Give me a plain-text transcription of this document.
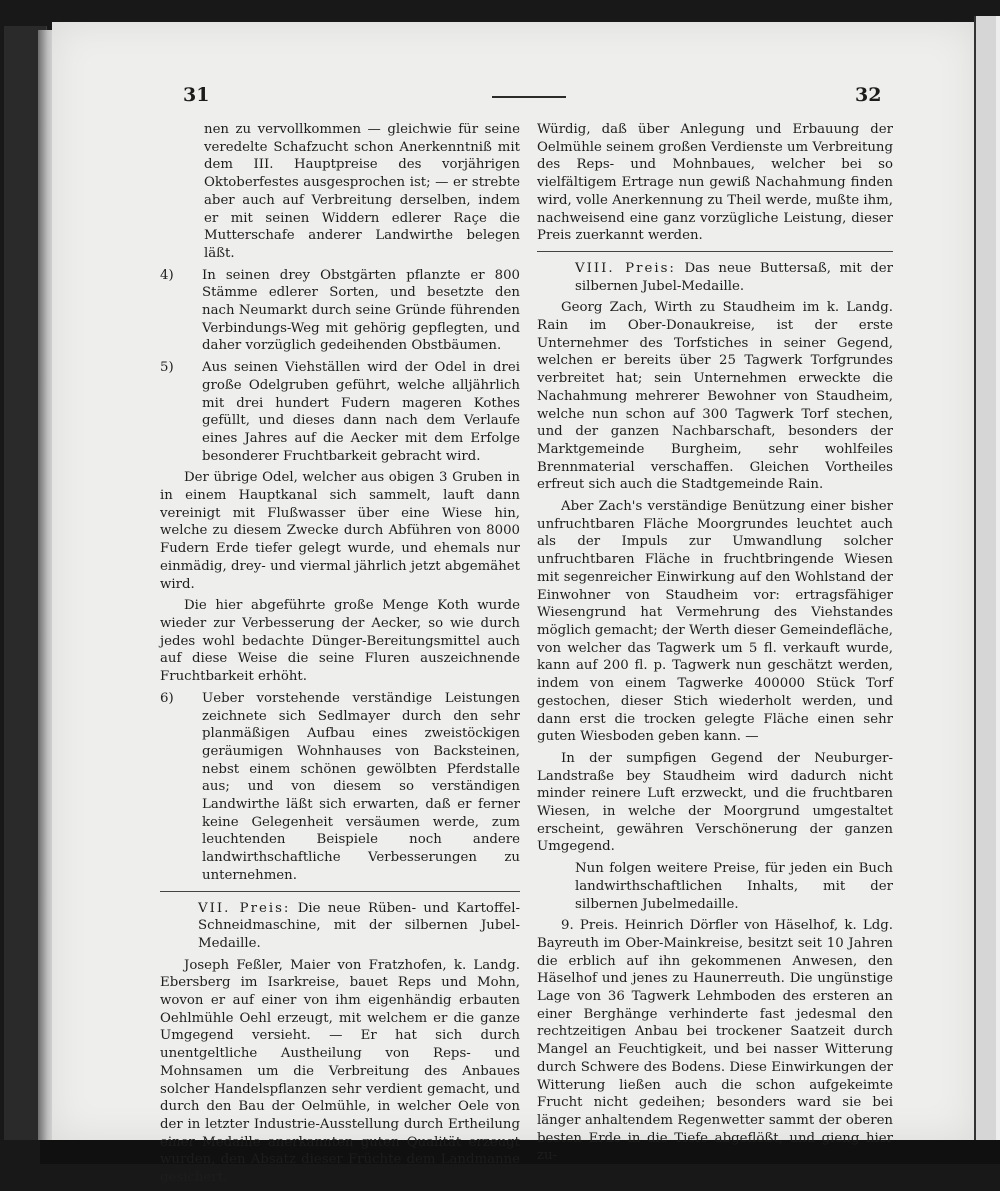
31	32

nen zu vervollkommen — gleichwie für seine veredelte Schafzucht schon Anerkenntniß mit dem III. Hauptpreise des vorjährigen Oktoberfestes ausgesprochen ist; — er strebte aber auch auf Verbreitung derselben, indem er mit seinen Widdern edlerer Raçe die Mutterschafe anderer Landwirthe belegen läßt.

4)	In seinen drey Obstgärten pflanzte er 800 Stämme edlerer Sorten, und besetzte den nach Neumarkt durch seine Gründe führenden Verbindungs-Weg mit gehörig gepflegten, und daher vorzüglich gedeihenden Obstbäumen.
5)	Aus seinen Viehställen wird der Odel in drei große Odelgruben geführt, welche alljährlich mit drei hundert Fudern mageren Kothes gefüllt, und dieses dann nach dem Verlaufe eines Jahres auf die Aecker mit dem Erfolge besonderer Fruchtbarkeit gebracht wird.

Der übrige Odel, welcher aus obigen 3 Gruben in in einem Hauptkanal sich sammelt, lauft dann vereinigt mit Flußwasser über eine Wiese hin, welche zu diesem Zwecke durch Abführen von 8000 Fudern Erde tiefer gelegt wurde, und ehemals nur einmädig, drey- und viermal jährlich jetzt abgemähet wird.

Die hier abgeführte große Menge Koth wurde wieder zur Verbesserung der Aecker, so wie durch jedes wohl bedachte Dünger-Bereitungsmittel auch auf diese Weise die seine Fluren auszeichnende Fruchtbarkeit erhöht.

6)	Ueber vorstehende verständige Leistungen zeichnete sich Sedlmayer durch den sehr planmäßigen Aufbau eines zweistöckigen geräumigen Wohnhauses von Backsteinen, nebst einem schönen gewölbten Pferdstalle aus; und von diesem so verständigen Landwirthe läßt sich erwarten, daß er ferner keine Gelegenheit versäumen werde, zum leuchtenden Beispiele noch andere landwirthschaftliche Verbesserungen zu unternehmen.

VII. Preis: Die neue Rüben- und Kartoffel-Schneidmaschine, mit der silbernen Jubel-Medaille.

Joseph Feßler, Maier von Fratzhofen, k. Landg. Ebersberg im Isarkreise, bauet Reps und Mohn, wovon er auf einer von ihm eigenhändig erbauten Oehlmühle Oehl erzeugt, mit welchem er die ganze Umgegend versieht. — Er hat sich durch unentgeltliche Austheilung von Reps- und Mohnsamen um die Verbreitung des Anbaues solcher Handelspflanzen sehr verdient gemacht, und durch den Bau der Oelmühle, in welcher Oele von der in letzter Industrie-Ausstellung durch Ertheilung einer Medaille anerkannten guten Qualität erzeugt wurden, den Absatz dieser Früchte dem Landmanne gesichert.

Würdig, daß über Anlegung und Erbauung der Oelmühle seinem großen Verdienste um Verbreitung des Reps- und Mohnbaues, welcher bei so vielfältigem Ertrage nun gewiß Nachahmung finden wird, volle Anerkennung zu Theil werde, mußte ihm, nachweisend eine ganz vorzügliche Leistung, dieser Preis zuerkannt werden.

VIII. Preis: Das neue Buttersaß, mit der silbernen Jubel-Medaille.

Georg Zach, Wirth zu Staudheim im k. Landg. Rain im Ober-Donaukreise, ist der erste Unternehmer des Torfstiches in seiner Gegend, welchen er bereits über 25 Tagwerk Torfgrundes verbreitet hat; sein Unternehmen erweckte die Nachahmung mehrerer Bewohner von Staudheim, welche nun schon auf 300 Tagwerk Torf stechen, und der ganzen Nachbarschaft, besonders der Marktgemeinde Burgheim, sehr wohlfeiles Brennmaterial verschaffen. Gleichen Vortheiles erfreut sich auch die Stadtgemeinde Rain.

Aber Zach's verständige Benützung einer bisher unfruchtbaren Fläche Moorgrundes leuchtet auch als der Impuls zur Umwandlung solcher unfruchtbaren Fläche in fruchtbringende Wiesen mit segenreicher Einwirkung auf den Wohlstand der Einwohner von Staudheim vor: ertragsfähiger Wiesengrund hat Vermehrung des Viehstandes möglich gemacht; der Werth dieser Gemeindefläche, von welcher das Tagwerk um 5 fl. verkauft wurde, kann auf 200 fl. p. Tagwerk nun geschätzt werden, indem von einem Tagwerke 400000 Stück Torf gestochen, dieser Stich wiederholt werden, und dann erst die trocken gelegte Fläche einen sehr guten Wiesboden geben kann. —

In der sumpfigen Gegend der Neuburger-Landstraße bey Staudheim wird dadurch nicht minder reinere Luft erzweckt, und die fruchtbaren Wiesen, in welche der Moorgrund umgestaltet erscheint, gewähren Verschönerung der ganzen Umgegend.

Nun folgen weitere Preise, für jeden ein Buch landwirthschaftlichen Inhalts, mit der silbernen Jubelmedaille.

9. Preis. Heinrich Dörfler von Häselhof, k. Ldg. Bayreuth im Ober-Mainkreise, besitzt seit 10 Jahren die erblich auf ihn gekommenen Anwesen, den Häselhof und jenes zu Haunerreuth. Die ungünstige Lage von 36 Tagwerk Lehmboden des ersteren an einer Berghänge verhinderte fast jedesmal den rechtzeitigen Anbau bei trockener Saatzeit durch Mangel an Feuchtigkeit, und bei nasser Witterung durch Schwere des Bodens. Diese Einwirkungen der Witterung ließen auch die schon aufgekeimte Frucht nicht gedeihen; besonders ward sie bei länger anhaltendem Regenwetter sammt der oberen besten Erde in die Tiefe abgeflößt, und gieng hier zu-
